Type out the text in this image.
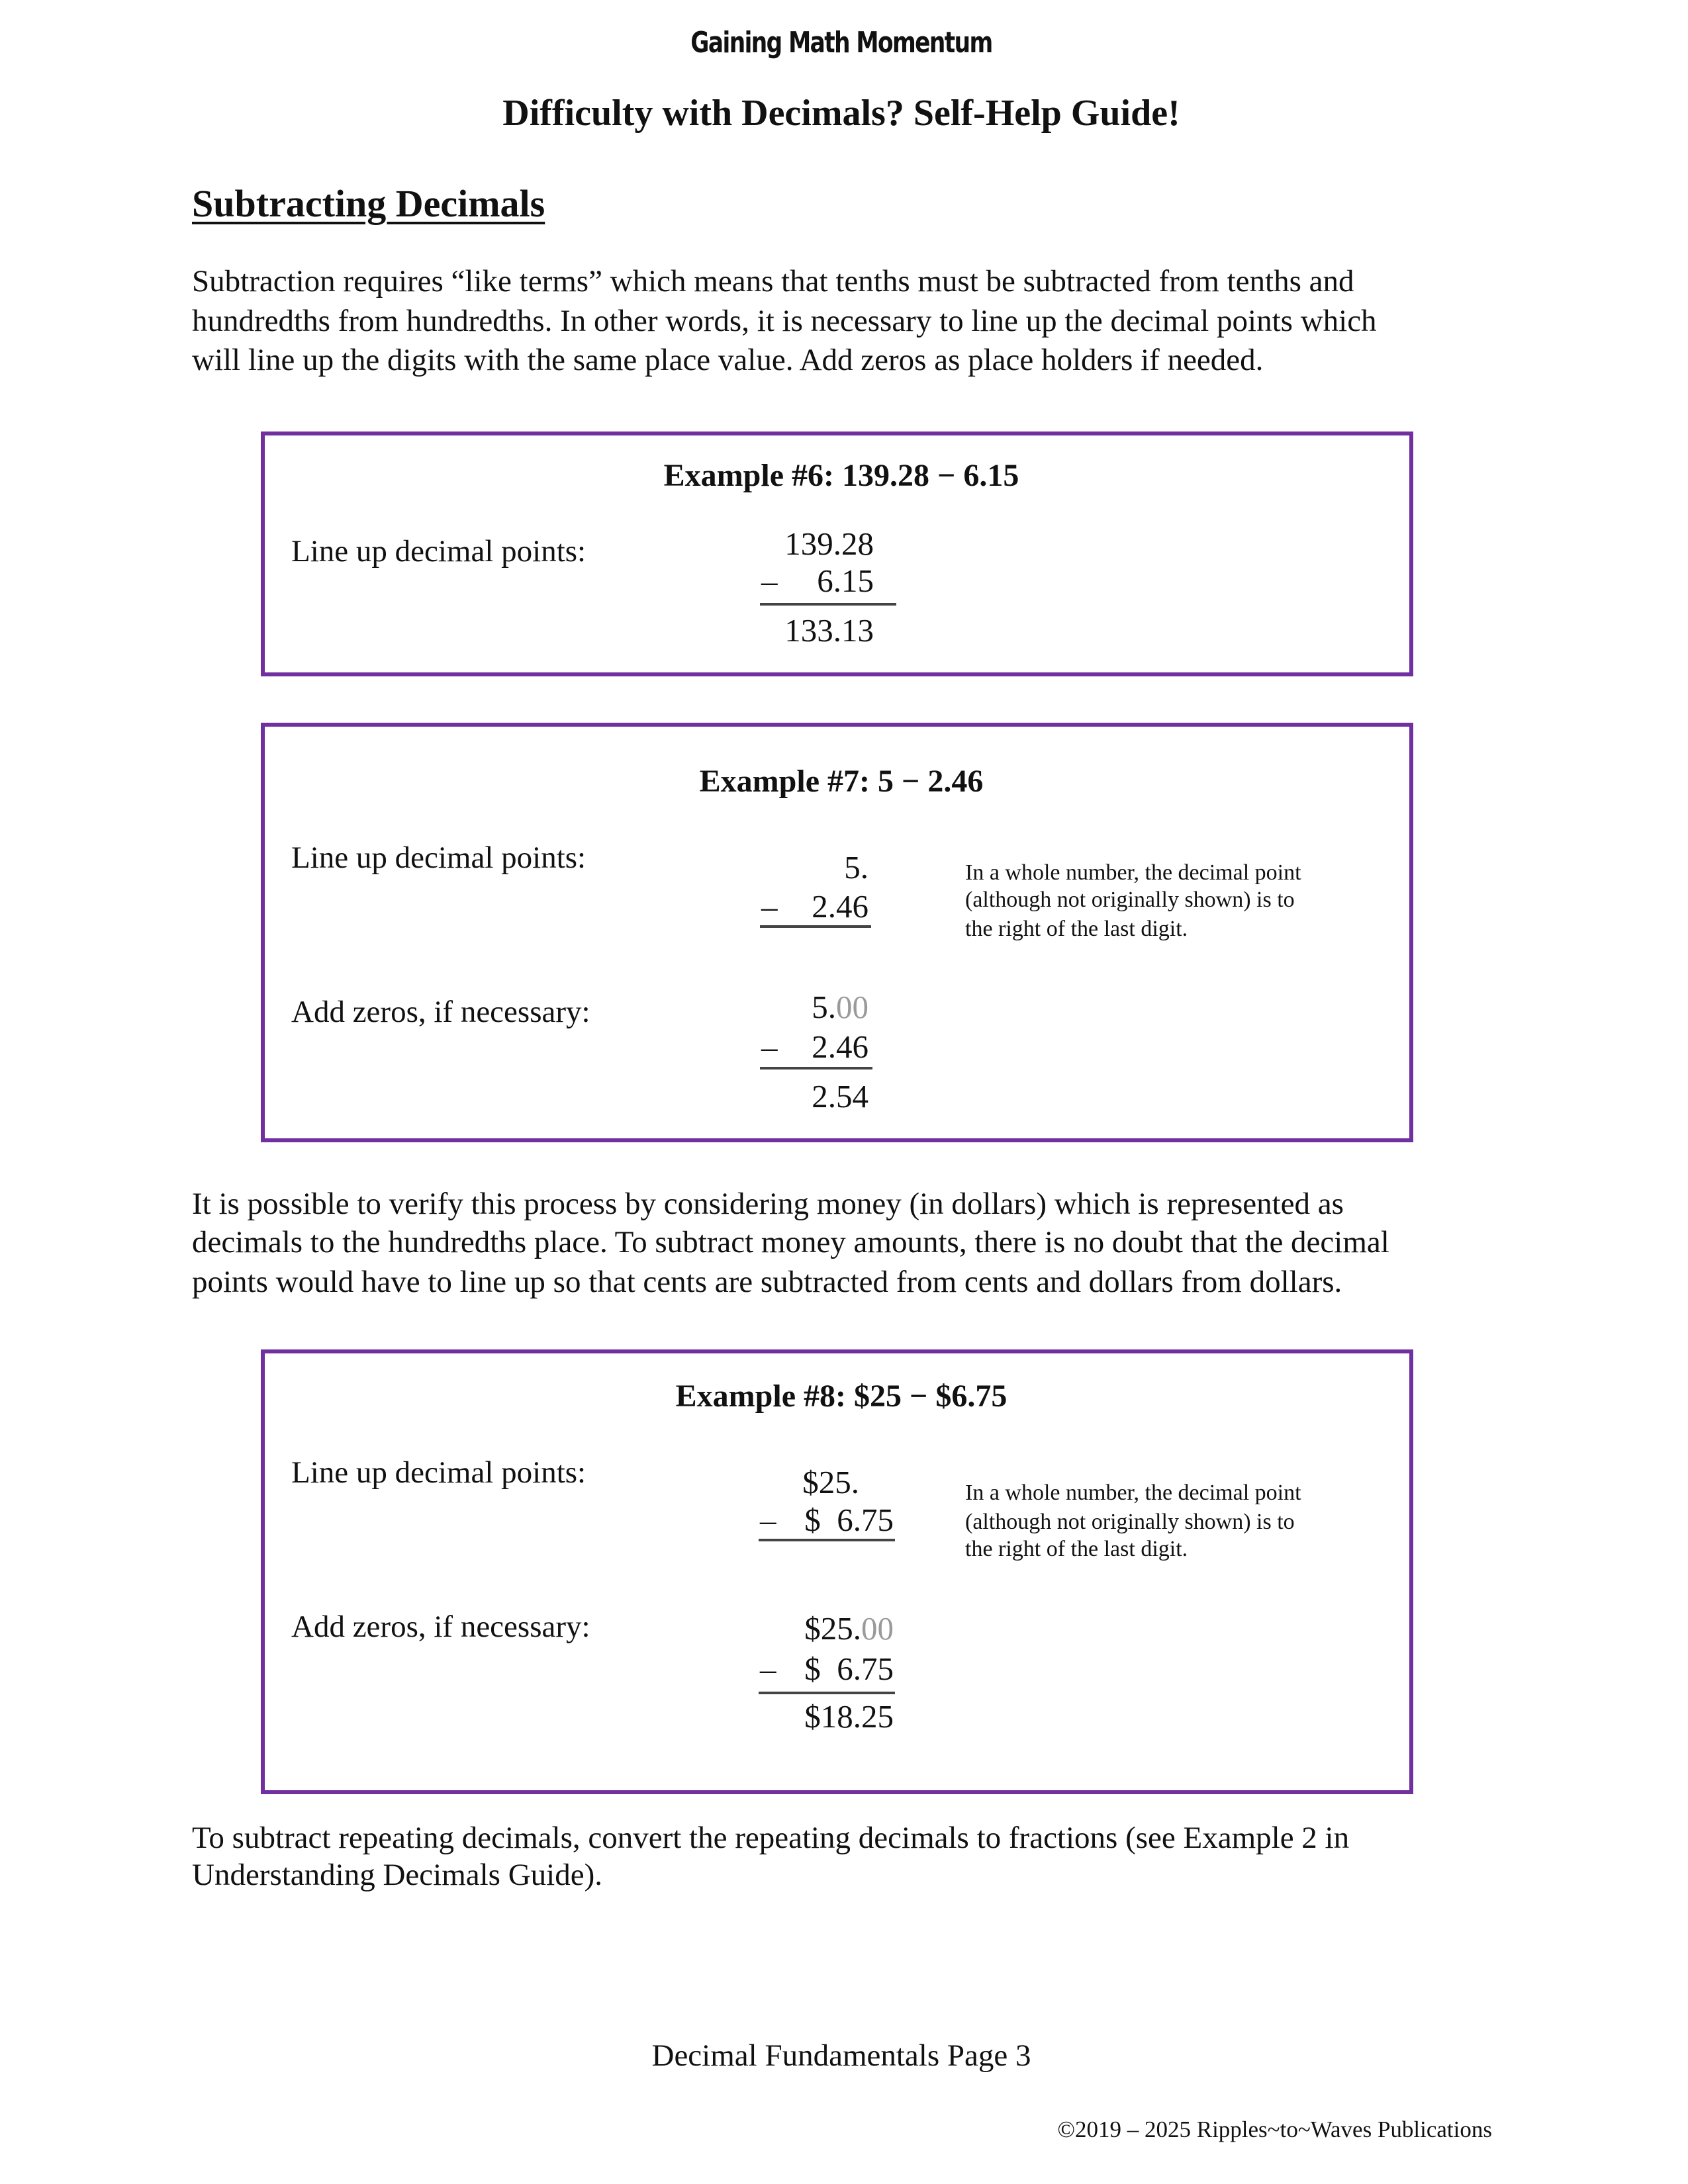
Gaining Math Momentum
Difficulty with Decimals? Self-Help Guide!
Subtracting Decimals
Subtraction requires “like terms” which means that tenths must be subtracted from tenths and
hundredths from hundredths. In other words, it is necessary to line up the decimal points which
will line up the digits with the same place value. Add zeros as place holders if needed.
Example #6: 139.28 − 6.15
Line up decimal points:	139.28
– 6.15
133.13
Example #7: 5 − 2.46
Line up decimal points:	5.
– 2.46
In a whole number, the decimal point
(although not originally shown) is to
the right of the last digit.
Add zeros, if necessary:	5.00
– 2.46
2.54
It is possible to verify this process by considering money (in dollars) which is represented as
decimals to the hundredths place. To subtract money amounts, there is no doubt that the decimal
points would have to line up so that cents are subtracted from cents and dollars from dollars.
Example #8: $25 − $6.75
Line up decimal points:	$25.
– $  6.75
In a whole number, the decimal point
(although not originally shown) is to
the right of the last digit.
Add zeros, if necessary:	$25.00
– $  6.75
$18.25
To subtract repeating decimals, convert the repeating decimals to fractions (see Example 2 in
Understanding Decimals Guide).
Decimal Fundamentals Page 3
©2019 – 2025 Ripples~to~Waves Publications
